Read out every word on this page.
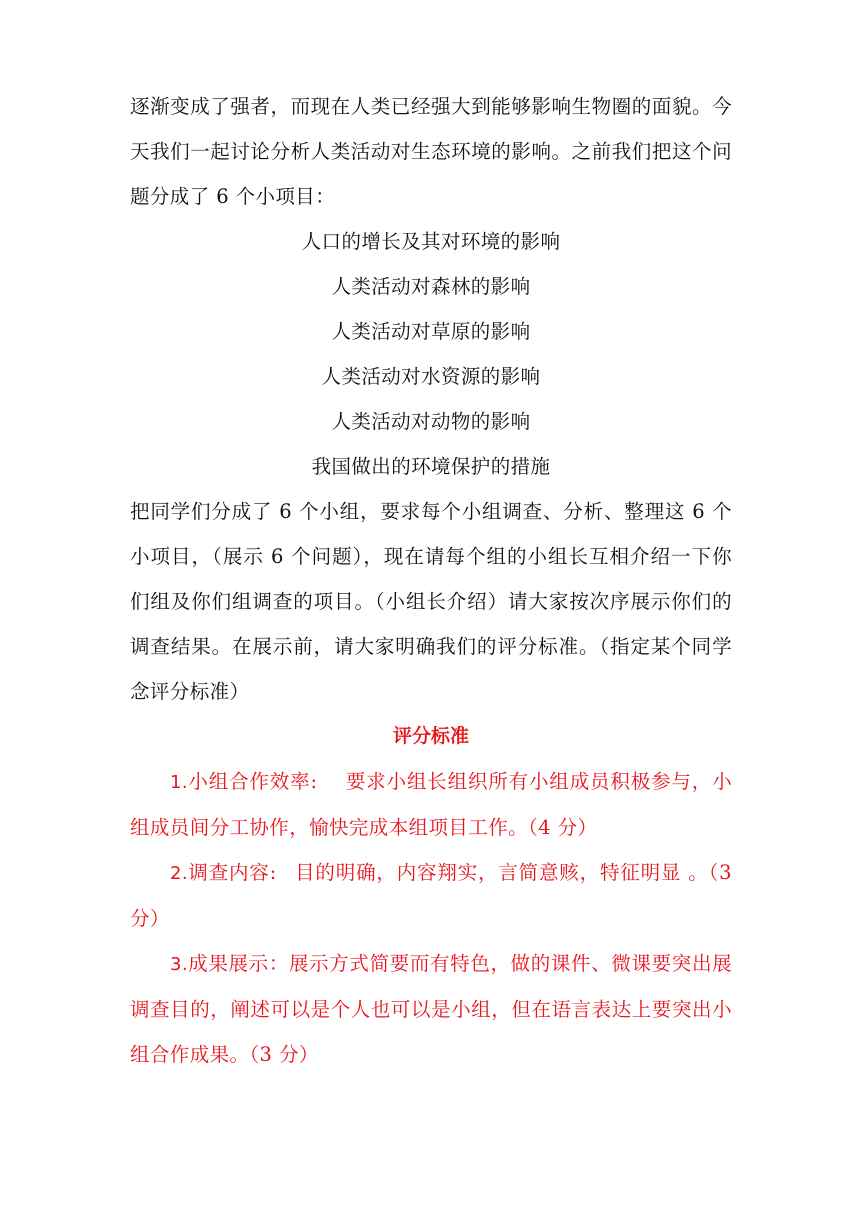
逐渐变成了强者，而现在人类已经强大到能够影响生物圈的面貌。今天我们一起讨论分析人类活动对生态环境的影响。之前我们把这个问题分成了 6 个小项目：

人口的增长及其对环境的影响
人类活动对森林的影响
人类活动对草原的影响
人类活动对水资源的影响
人类活动对动物的影响
我国做出的环境保护的措施

把同学们分成了 6 个小组，要求每个小组调查、分析、整理这 6 个小项目，（展示 6 个问题），现在请每个组的小组长互相介绍一下你们组及你们组调查的项目。（小组长介绍）请大家按次序展示你们的调查结果。在展示前，请大家明确我们的评分标准。（指定某个同学念评分标准）

评分标准

1.小组合作效率: 要求小组长组织所有小组成员积极参与，小组成员间分工协作，愉快完成本组项目工作。（4 分）

2.调查内容: 目的明确，内容翔实，言简意赅，特征明显 。（3 分）

3.成果展示：展示方式简要而有特色，做的课件、微课要突出展调查目的，阐述可以是个人也可以是小组，但在语言表达上要突出小组合作成果。（3 分）
